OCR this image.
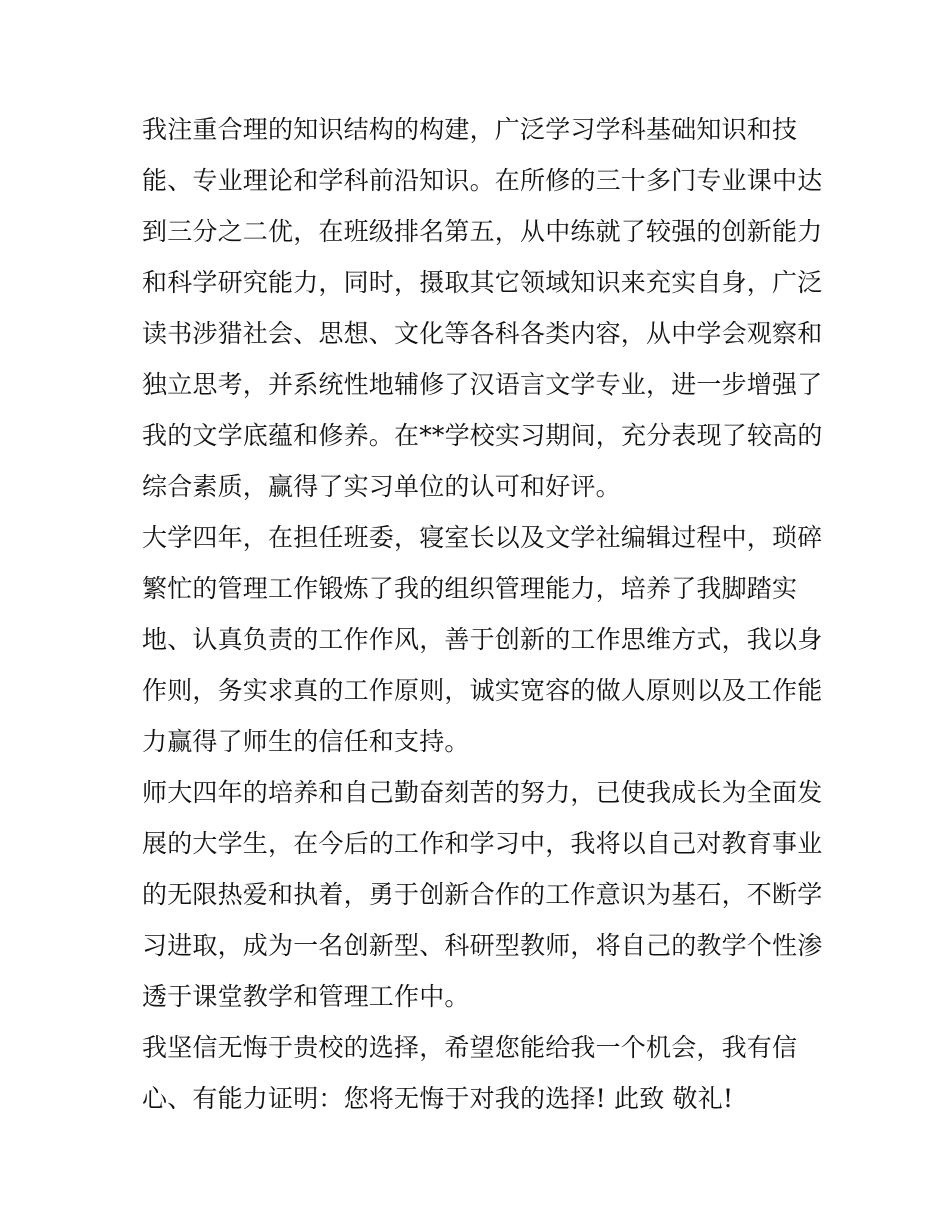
我注重合理的知识结构的构建，广泛学习学科基础知识和技
能、专业理论和学科前沿知识。在所修的三十多门专业课中达
到三分之二优，在班级排名第五，从中练就了较强的创新能力
和科学研究能力，同时，摄取其它领域知识来充实自身，广泛
读书涉猎社会、思想、文化等各科各类内容，从中学会观察和
独立思考，并系统性地辅修了汉语言文学专业，进一步增强了
我的文学底蕴和修养。在**学校实习期间，充分表现了较高的
综合素质，赢得了实习单位的认可和好评。
大学四年，在担任班委，寝室长以及文学社编辑过程中，琐碎
繁忙的管理工作锻炼了我的组织管理能力，培养了我脚踏实
地、认真负责的工作作风，善于创新的工作思维方式，我以身
作则，务实求真的工作原则，诚实宽容的做人原则以及工作能
力赢得了师生的信任和支持。
师大四年的培养和自己勤奋刻苦的努力，已使我成长为全面发
展的大学生，在今后的工作和学习中，我将以自己对教育事业
的无限热爱和执着，勇于创新合作的工作意识为基石，不断学
习进取，成为一名创新型、科研型教师，将自己的教学个性渗
透于课堂教学和管理工作中。
我坚信无悔于贵校的选择，希望您能给我一个机会，我有信
心、有能力证明：您将无悔于对我的选择! 此致 敬礼!
